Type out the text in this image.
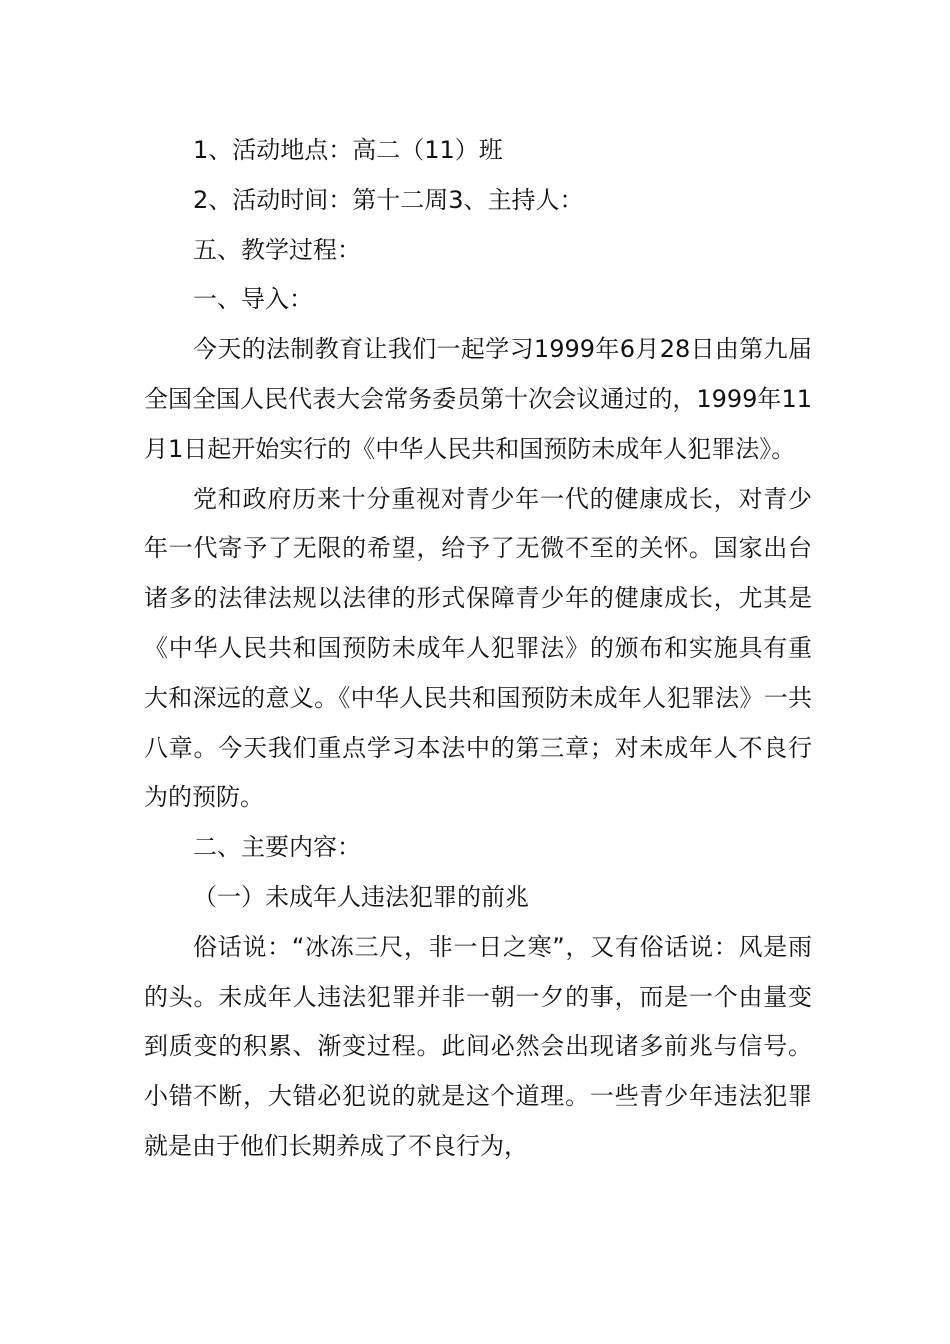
1、活动地点：高二（11）班

2、活动时间：第十二周3、主持人：

五、教学过程：

一、导入：

今天的法制教育让我们一起学习1999年6月28日由第九届全国全国人民代表大会常务委员第十次会议通过的，1999年11月1日起开始实行的《中华人民共和国预防未成年人犯罪法》。

党和政府历来十分重视对青少年一代的健康成长，对青少年一代寄予了无限的希望，给予了无微不至的关怀。国家出台诸多的法律法规以法律的形式保障青少年的健康成长，尤其是《中华人民共和国预防未成年人犯罪法》的颁布和实施具有重大和深远的意义。《中华人民共和国预防未成年人犯罪法》一共八章。今天我们重点学习本法中的第三章；对未成年人不良行为的预防。

二、主要内容：

（一）未成年人违法犯罪的前兆

俗话说：“冰冻三尺，非一日之寒”，又有俗话说：风是雨的头。未成年人违法犯罪并非一朝一夕的事，而是一个由量变到质变的积累、渐变过程。此间必然会出现诸多前兆与信号。小错不断，大错必犯说的就是这个道理。一些青少年违法犯罪就是由于他们长期养成了不良行为，
